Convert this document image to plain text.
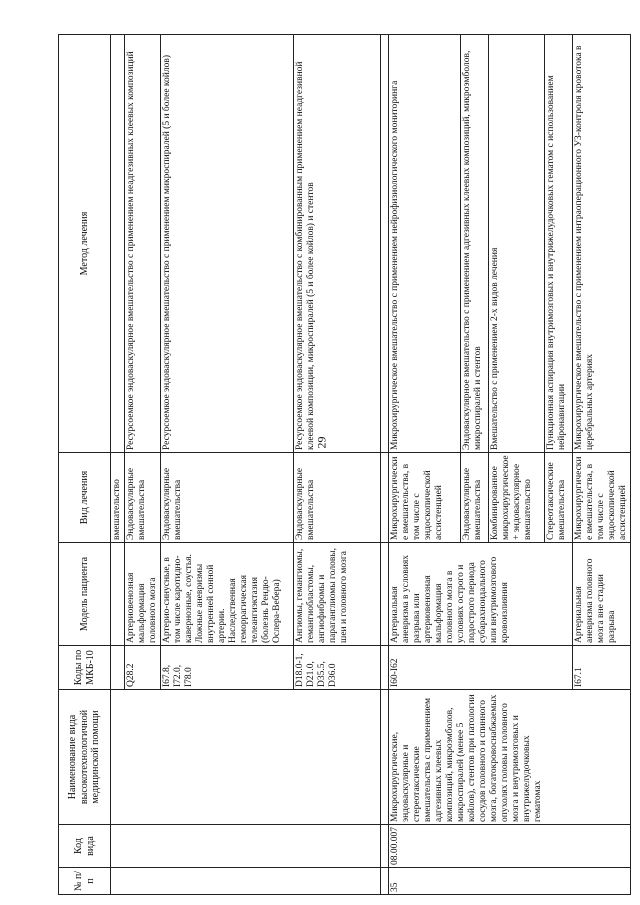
29
№ п/п	Код вида	Наименование вида высокотехнологичной медицинской помощи	Коды по МКБ-10	Модель пациента	Вид лечения	Метод лечения
					вмешательство	
			Q28.2	Артериовенозная мальформация головного мозга	Эндоваскулярные вмешательства	Ресурсоемкое эндоваскулярное вмешательство с применением неадгезивных клеевых композиций
			I67.8, I72.0, I78.0	Артерио-синусные, в том числе каротидно-кавернозные, соустья. Ложные аневризмы внутренней сонной артерии. Наследственная геморрагическая телеангиэктазия (болезнь Рендю-Ослера-Вебера)	Эндоваскулярные вмешательства	Ресурсоемкое эндоваскулярное вмешательство с применением микроспиралей (5 и более койлов)
			D18.0-1, D21.0, D35.5, D36.0	Ангиомы, гемангиомы, гемангиобластомы, ангиофибромы и параганглиомы головы, шеи и головного мозга	Эндоваскулярные вмешательства	Ресурсоемкое эндоваскулярное вмешательство с комбинированным применением неадгезивной клеевой композиции, микроспиралей (5 и более койлов) и стентов

35	08.00.007	Микрохирургические, эндоваскулярные и стереотаксические вмешательства с применением адгезивных клеевых композиций, микроэмболов, микроспиралей (менее 5 койлов), стентов при патологии сосудов головного и спинного мозга, богатокровоснабжаемых опухолях головы и головного мозга и внутримозговых и внутрижелудочковых гематомах	I60-I62	Артериальная аневризма в условиях разрыва или артериовенозная мальформация головного мозга в условиях острого и подострого периода субарахноидального или внутримозгового кровоизлияния	Микрохирургические вмешательства, в том числе с эндоскопической ассистенцией	Микрохирургическое вмешательство с применением нейрофизиологического мониторинга
					Эндоваскулярные вмешательства	Эндоваскулярное вмешательство с применением адгезивных клеевых композиций, микроэмболов, микроспиралей и стентов
					Комбинированное микрохирургическое + эндоваскулярное вмешательство	Вмешательство с применением 2-х видов лечения
					Стереотаксические вмешательства	Пункционная аспирация внутримозговых и внутрижелудочковых гематом с использованием нейронавигации
			I67.1	Артериальная аневризма головного мозга вне стадии разрыва	Микрохирургические вмешательства, в том числе с эндоскопической ассистенцией	Микрохирургическое вмешательство с применением интраоперационного УЗ-контроля кровотока в церебральных артериях
